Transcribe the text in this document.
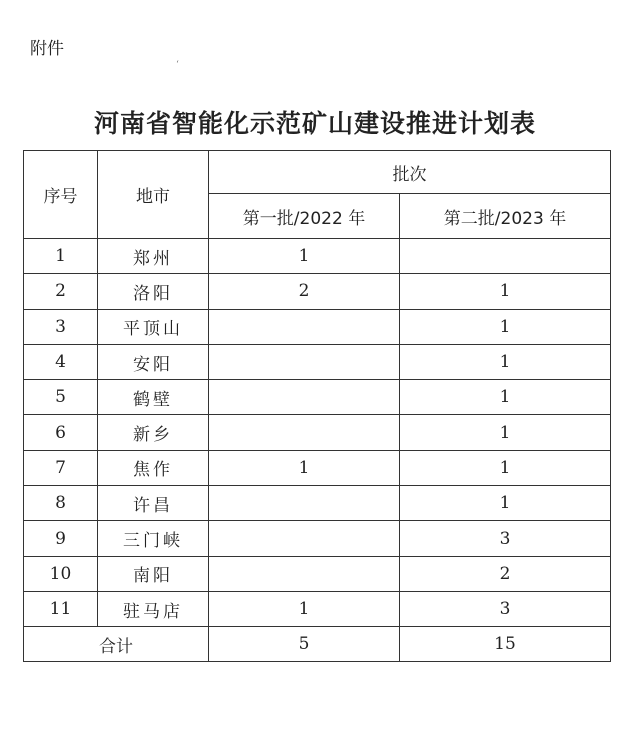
附件
‘
河南省智能化示范矿山建设推进计划表
序号	地市	批次	
		第一批/2022 年	第二批/2023 年
1	郑州	1	
2	洛阳	2	1
3	平顶山		1
4	安阳		1
5	鹤壁		1
6	新乡		1
7	焦作	1	1
8	许昌		1
9	三门峡		3
10	南阳		2
11	驻马店	1	3
合计		5	15
